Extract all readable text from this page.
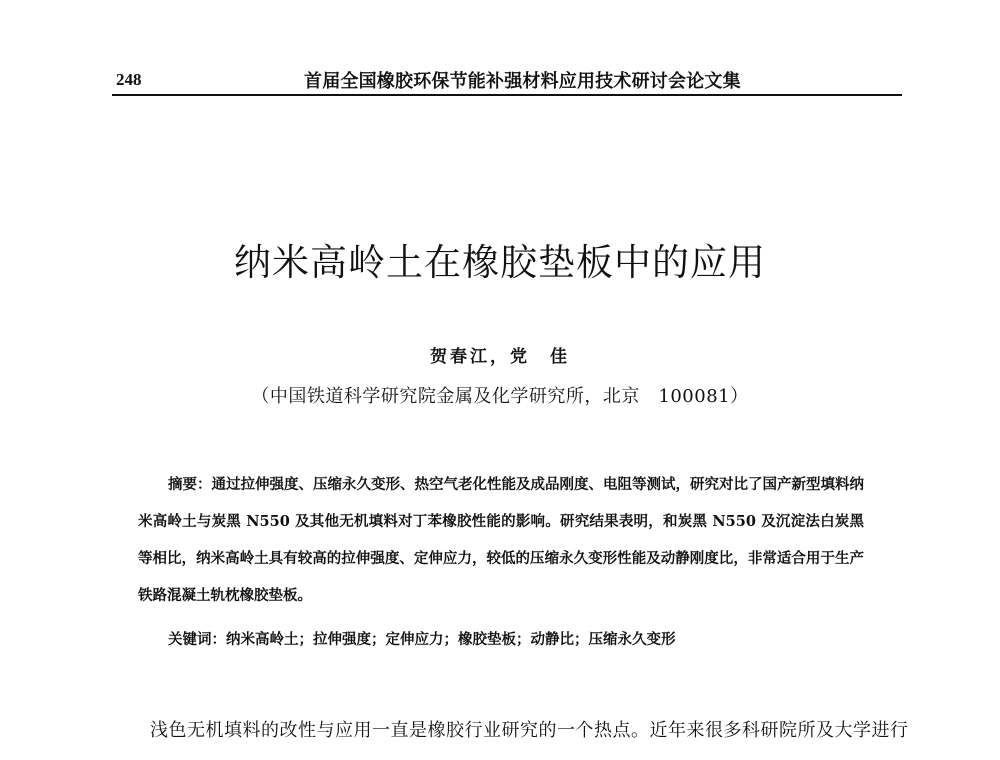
248	首届全国橡胶环保节能补强材料应用技术研讨会论文集
纳米高岭土在橡胶垫板中的应用
贺春江，党　佳
（中国铁道科学研究院金属及化学研究所，北京　100081）
摘要：通过拉伸强度、压缩永久变形、热空气老化性能及成品刚度、电阻等测试，研究对比了国产新型填料纳米高岭土与炭黑 N550 及其他无机填料对丁苯橡胶性能的影响。研究结果表明，和炭黑 N550 及沉淀法白炭黑等相比，纳米高岭土具有较高的拉伸强度、定伸应力，较低的压缩永久变形性能及动静刚度比，非常适合用于生产铁路混凝土轨枕橡胶垫板。
关键词：纳米高岭土；拉伸强度；定伸应力；橡胶垫板；动静比；压缩永久变形
浅色无机填料的改性与应用一直是橡胶行业研究的一个热点。近年来很多科研院所及大学进行
